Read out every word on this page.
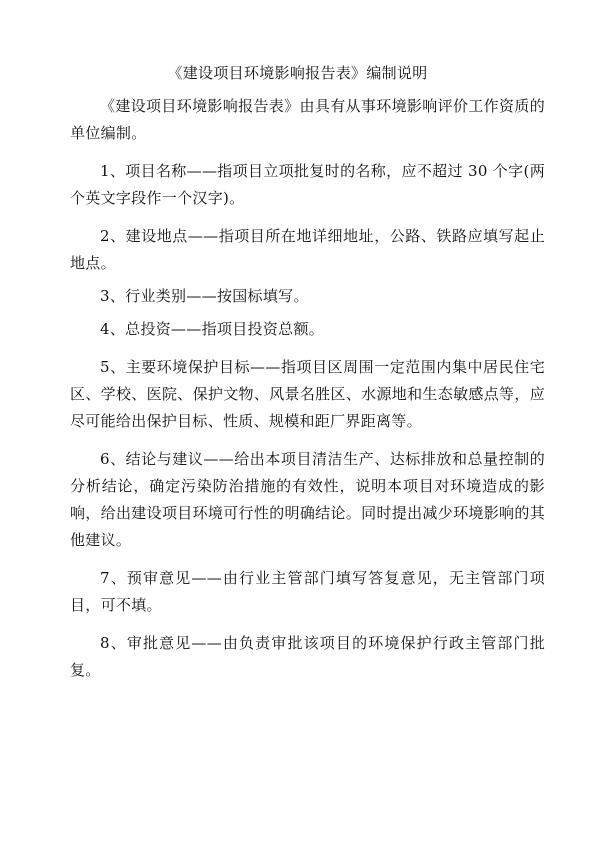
《建设项目环境影响报告表》编制说明

《建设项目环境影响报告表》由具有从事环境影响评价工作资质的单位编制。

1、项目名称——指项目立项批复时的名称，应不超过 30 个字(两个英文字段作一个汉字)。

2、建设地点——指项目所在地详细地址，公路、铁路应填写起止地点。

3、行业类别——按国标填写。

4、总投资——指项目投资总额。

5、主要环境保护目标——指项目区周围一定范围内集中居民住宅区、学校、医院、保护文物、风景名胜区、水源地和生态敏感点等，应尽可能给出保护目标、性质、规模和距厂界距离等。

6、结论与建议——给出本项目清洁生产、达标排放和总量控制的分析结论，确定污染防治措施的有效性，说明本项目对环境造成的影响，给出建设项目环境可行性的明确结论。同时提出减少环境影响的其他建议。

7、预审意见——由行业主管部门填写答复意见，无主管部门项目，可不填。

8、审批意见——由负责审批该项目的环境保护行政主管部门批复。
